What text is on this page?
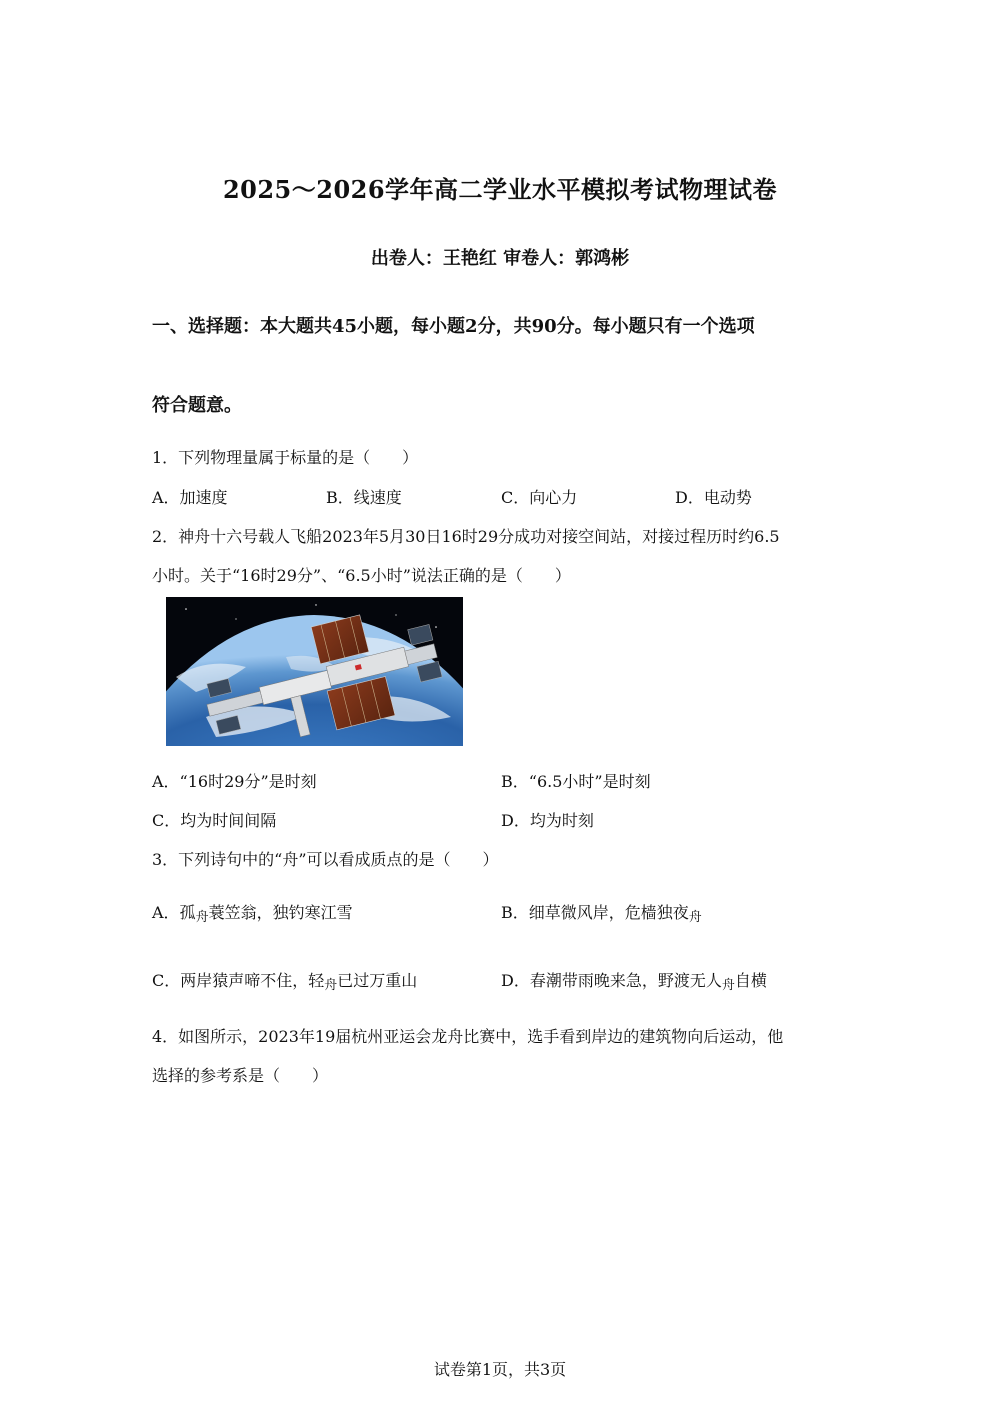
2025～2026学年高二学业水平模拟考试物理试卷
出卷人：王艳红 审卷人：郭鸿彬
一、选择题：本大题共45小题，每小题2分，共90分。每小题只有一个选项
符合题意。
1．下列物理量属于标量的是（　　）
A．加速度	B．线速度	C．向心力	D．电动势
2．神舟十六号载人飞船2023年5月30日16时29分成功对接空间站，对接过程历时约6.5
小时。关于“16时29分”、“6.5小时”说法正确的是（　　）
A．“16时29分”是时刻	B．“6.5小时”是时刻
C．均为时间间隔	D．均为时刻
3．下列诗句中的“舟”可以看成质点的是（　　）
A．孤舟蓑笠翁，独钓寒江雪	B．细草微风岸，危樯独夜舟
C．两岸猿声啼不住，轻舟已过万重山	D．春潮带雨晚来急，野渡无人舟自横
4．如图所示，2023年19届杭州亚运会龙舟比赛中，选手看到岸边的建筑物向后运动，他
选择的参考系是（　　）
试卷第1页，共3页
